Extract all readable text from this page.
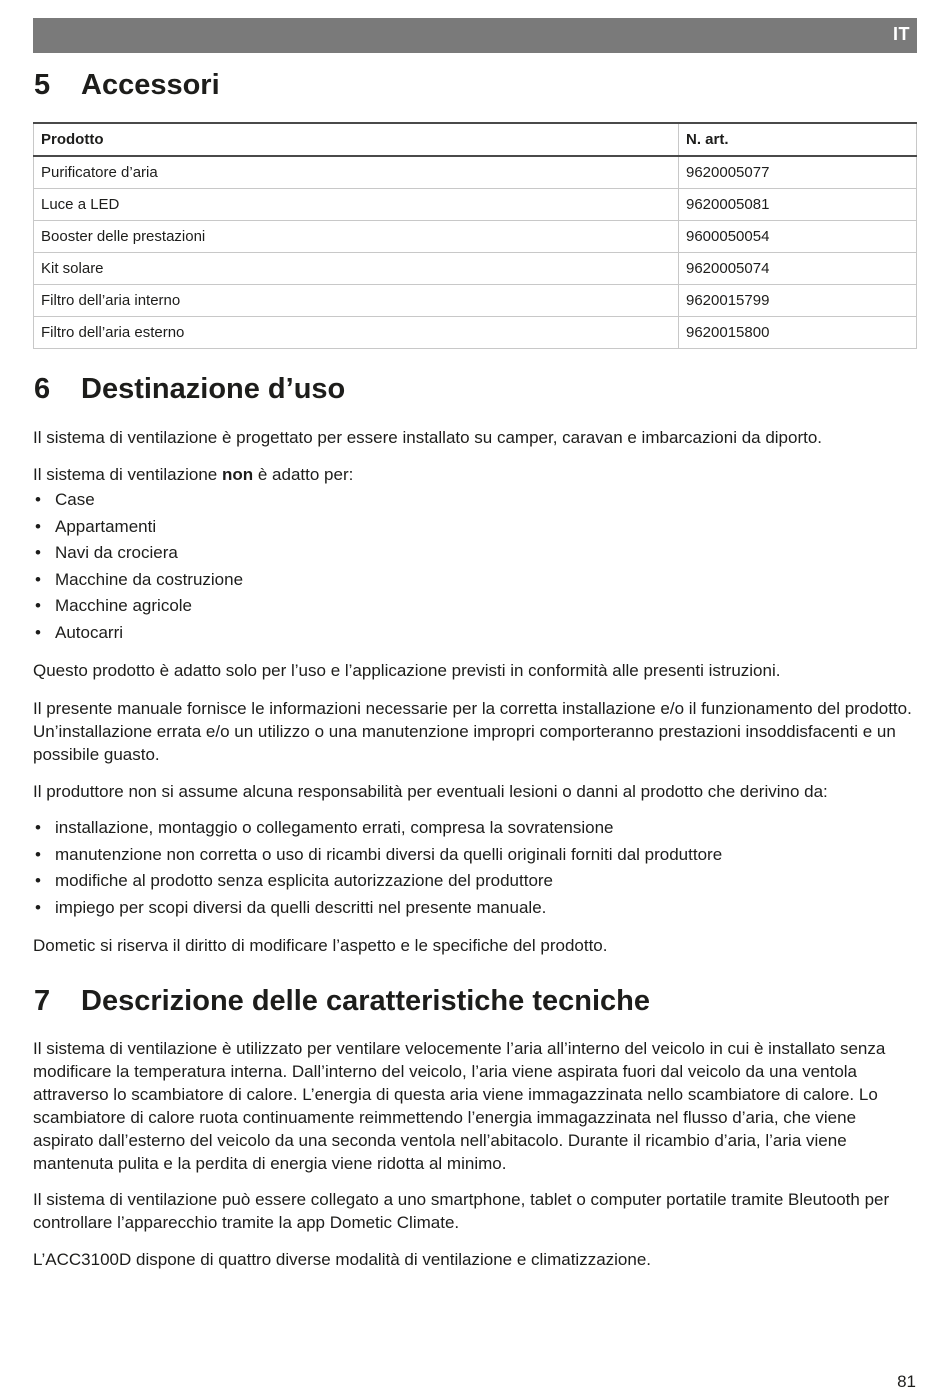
IT
5 Accessori
Prodotto	N. art.
Purificatore d’aria	9620005077
Luce a LED	9620005081
Booster delle prestazioni	9600050054
Kit solare	9620005074
Filtro dell’aria interno	9620015799
Filtro dell’aria esterno	9620015800
6 Destinazione d’uso

Il sistema di ventilazione è progettato per essere installato su camper, caravan e imbarcazioni da diporto.

Il sistema di ventilazione non è adatto per:

• Case
• Appartamenti
• Navi da crociera
• Macchine da costruzione
• Macchine agricole
• Autocarri

Questo prodotto è adatto solo per l’uso e l’applicazione previsti in conformità alle presenti istruzioni.

Il presente manuale fornisce le informazioni necessarie per la corretta installazione e/o il funzionamento del prodotto. Un’installazione errata e/o un utilizzo o una manutenzione impropri comporteranno prestazioni insoddisfacenti e un possibile guasto.

Il produttore non si assume alcuna responsabilità per eventuali lesioni o danni al prodotto che derivino da:

• installazione, montaggio o collegamento errati, compresa la sovratensione
• manutenzione non corretta o uso di ricambi diversi da quelli originali forniti dal produttore
• modifiche al prodotto senza esplicita autorizzazione del produttore
• impiego per scopi diversi da quelli descritti nel presente manuale.

Dometic si riserva il diritto di modificare l’aspetto e le specifiche del prodotto.

7 Descrizione delle caratteristiche tecniche

Il sistema di ventilazione è utilizzato per ventilare velocemente l’aria all’interno del veicolo in cui è installato senza modificare la temperatura interna. Dall’interno del veicolo, l’aria viene aspirata fuori dal veicolo da una ventola attraverso lo scambiatore di calore. L’energia di questa aria viene immagazzinata nello scambiatore di calore. Lo scambiatore di calore ruota continuamente reimmettendo l’energia immagazzinata nel flusso d’aria, che viene aspirato dall’esterno del veicolo da una seconda ventola nell’abitacolo. Durante il ricambio d’aria, l’aria viene mantenuta pulita e la perdita di energia viene ridotta al minimo.

Il sistema di ventilazione può essere collegato a uno smartphone, tablet o computer portatile tramite Bleutooth per controllare l’apparecchio tramite la app Dometic Climate.

L’ACC3100D dispone di quattro diverse modalità di ventilazione e climatizzazione.

81
